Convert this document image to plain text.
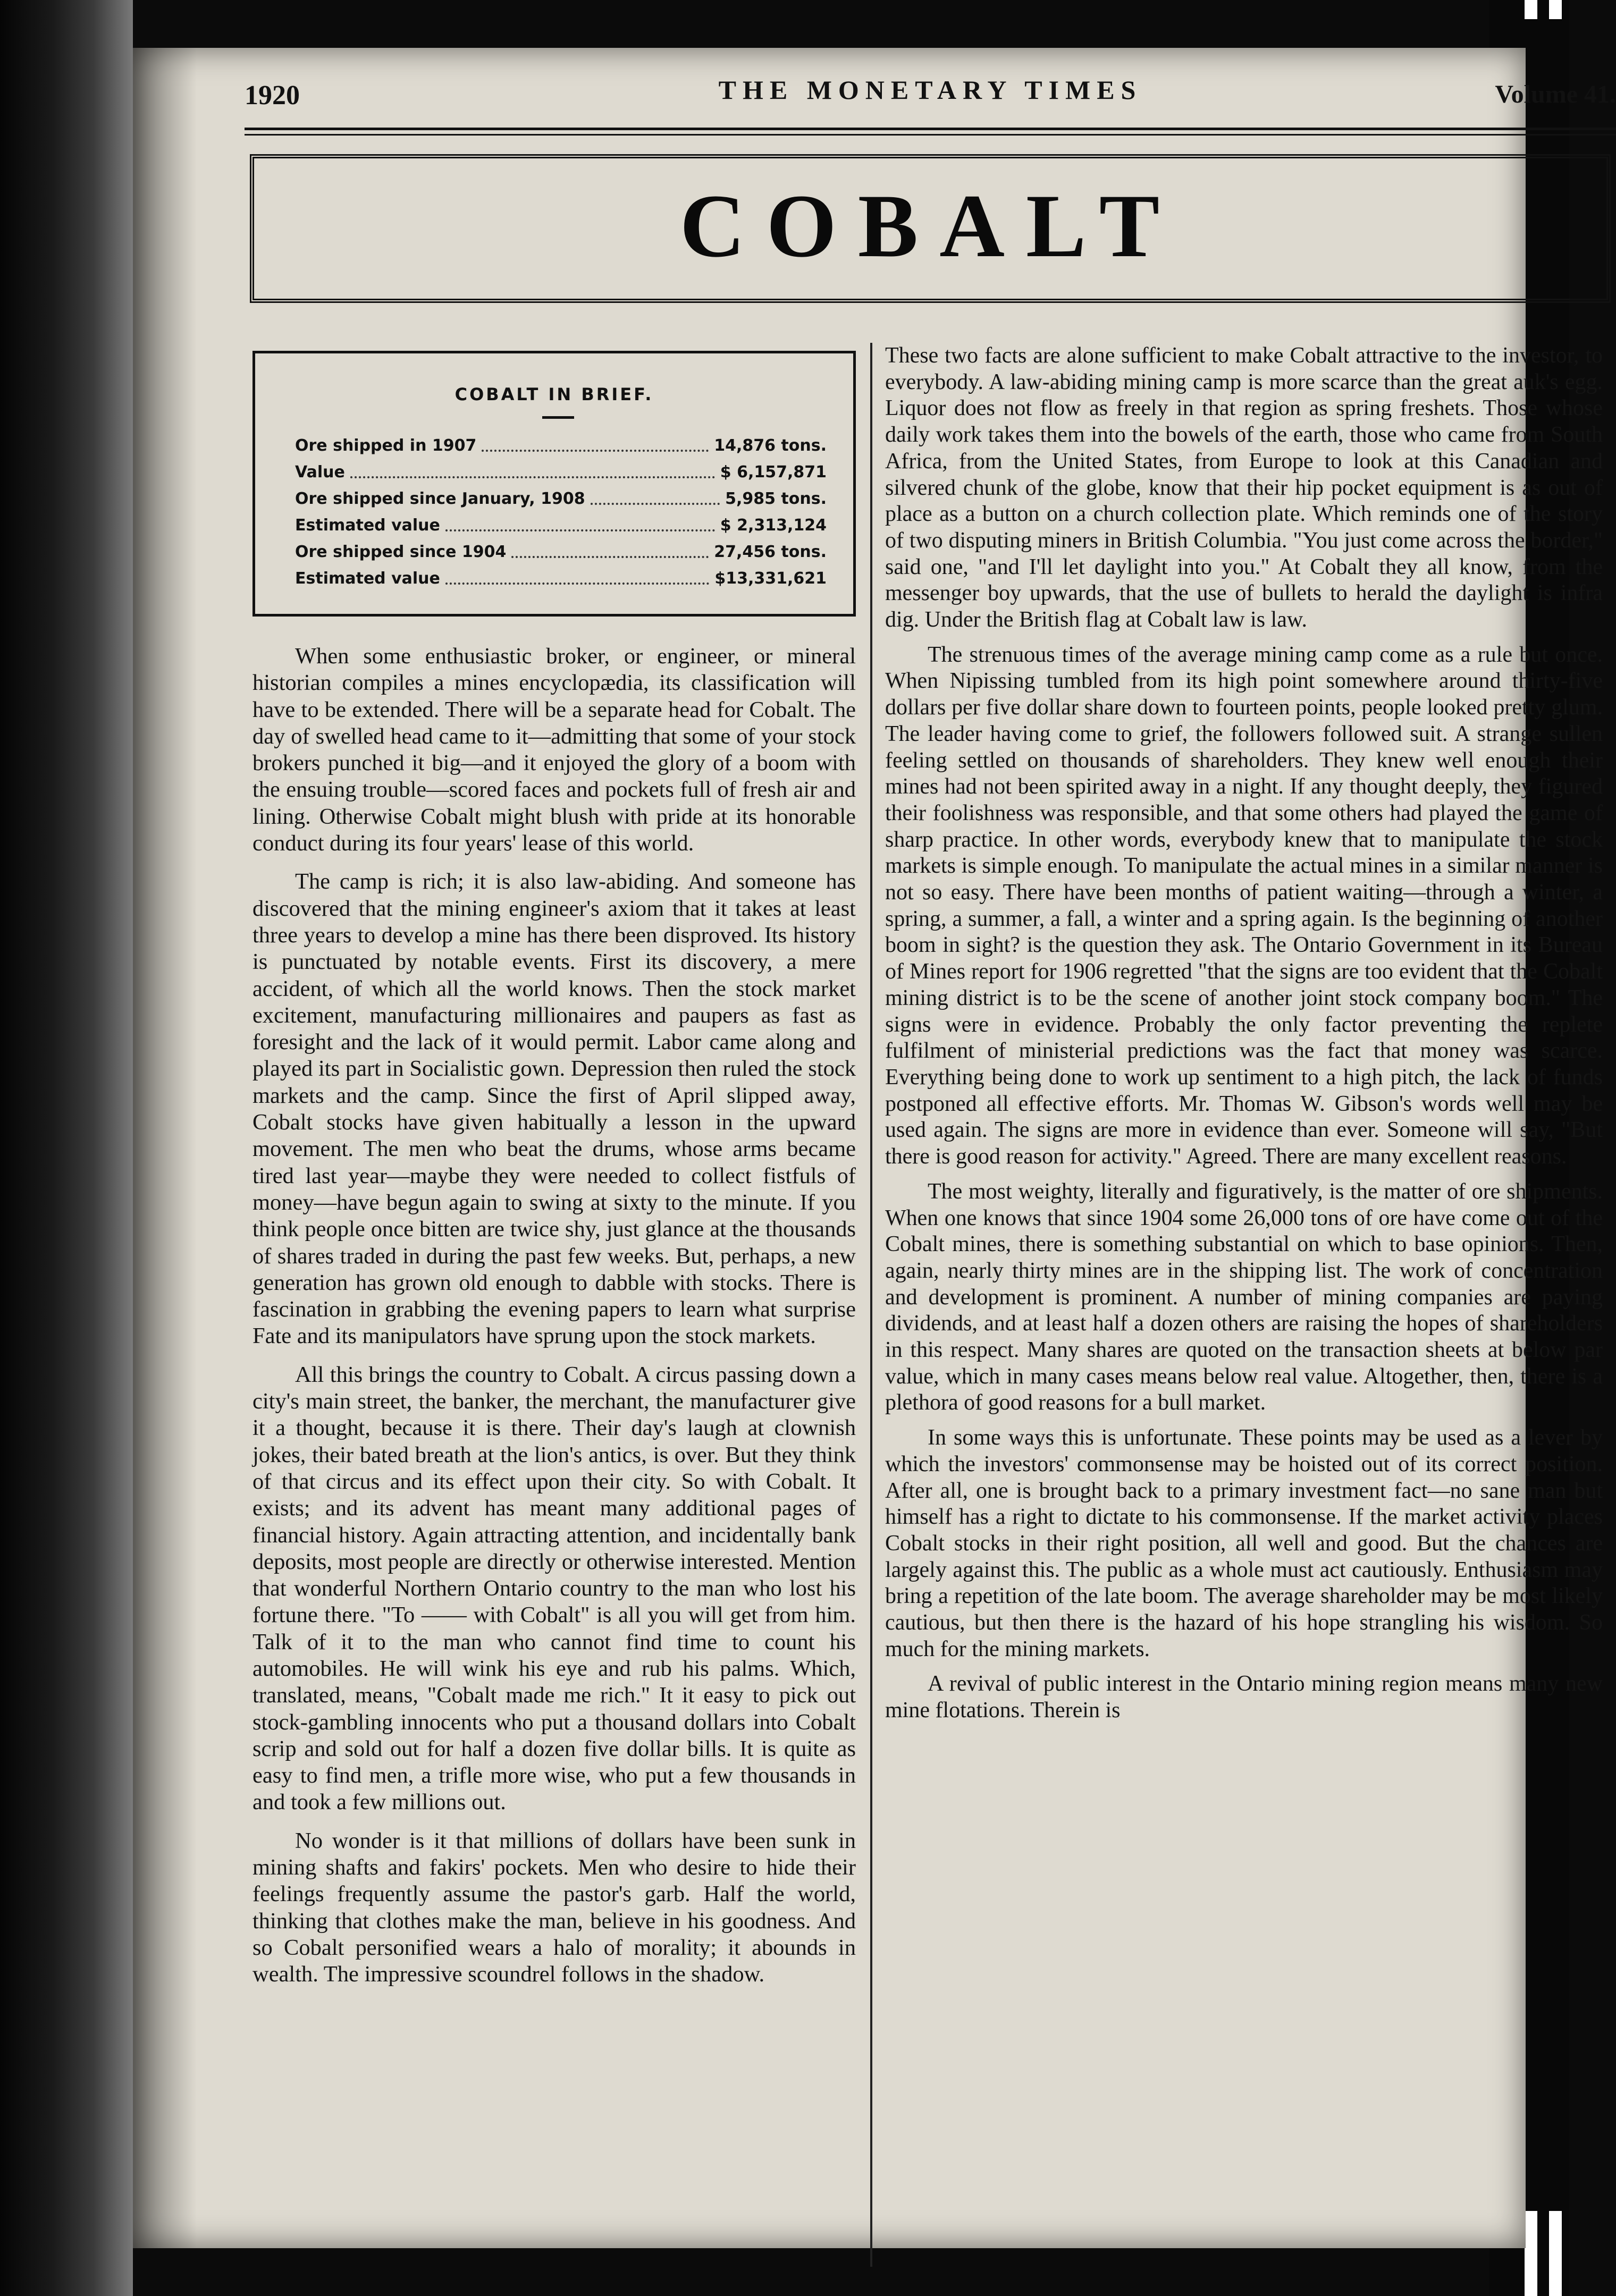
1920	THE MONETARY TIMES	Volume 41.
COBALT
COBALT IN BRIEF.
Ore shipped in 1907	14,876 tons.
Value	$ 6,157,871
Ore shipped since January, 1908	5,985 tons.
Estimated value	$ 2,313,124
Ore shipped since 1904	27,456 tons.
Estimated value	$13,331,621

When some enthusiastic broker, or engineer, or mineral historian compiles a mines encyclopædia, its classification will have to be extended. There will be a separate head for Cobalt. The day of swelled head came to it—admitting that some of your stock brokers punched it big—and it enjoyed the glory of a boom with the ensuing trouble—scored faces and pockets full of fresh air and lining. Otherwise Cobalt might blush with pride at its honorable conduct during its four years' lease of this world.

The camp is rich; it is also law-abiding. And someone has discovered that the mining engineer's axiom that it takes at least three years to develop a mine has there been disproved. Its history is punctuated by notable events. First its discovery, a mere accident, of which all the world knows. Then the stock market excitement, manufacturing millionaires and paupers as fast as foresight and the lack of it would permit. Labor came along and played its part in Socialistic gown. Depression then ruled the stock markets and the camp. Since the first of April slipped away, Cobalt stocks have given habitually a lesson in the upward movement. The men who beat the drums, whose arms became tired last year—maybe they were needed to collect fistfuls of money—have begun again to swing at sixty to the minute. If you think people once bitten are twice shy, just glance at the thousands of shares traded in during the past few weeks. But, perhaps, a new generation has grown old enough to dabble with stocks. There is fascination in grabbing the evening papers to learn what surprise Fate and its manipulators have sprung upon the stock markets.

All this brings the country to Cobalt. A circus passing down a city's main street, the banker, the merchant, the manufacturer give it a thought, because it is there. Their day's laugh at clownish jokes, their bated breath at the lion's antics, is over. But they think of that circus and its effect upon their city. So with Cobalt. It exists; and its advent has meant many additional pages of financial history. Again attracting attention, and incidentally bank deposits, most people are directly or otherwise interested. Mention that wonderful Northern Ontario country to the man who lost his fortune there. "To —— with Cobalt" is all you will get from him. Talk of it to the man who cannot find time to count his automobiles. He will wink his eye and rub his palms. Which, translated, means, "Cobalt made me rich." It it easy to pick out stock-gambling innocents who put a thousand dollars into Cobalt scrip and sold out for half a dozen five dollar bills. It is quite as easy to find men, a trifle more wise, who put a few thousands in and took a few millions out.

No wonder is it that millions of dollars have been sunk in mining shafts and fakirs' pockets. Men who desire to hide their feelings frequently assume the pastor's garb. Half the world, thinking that clothes make the man, believe in his goodness. And so Cobalt personified wears a halo of morality; it abounds in wealth. The impressive scoundrel follows in the shadow.

These two facts are alone sufficient to make Cobalt attractive to the investor, to everybody. A law-abiding mining camp is more scarce than the great auk's egg. Liquor does not flow as freely in that region as spring freshets. Those whose daily work takes them into the bowels of the earth, those who came from South Africa, from the United States, from Europe to look at this Canadian and silvered chunk of the globe, know that their hip pocket equipment is as out of place as a button on a church collection plate. Which reminds one of the story of two disputing miners in British Columbia. "You just come across the border," said one, "and I'll let daylight into you." At Cobalt they all know, from the messenger boy upwards, that the use of bullets to herald the daylight is infra dig. Under the British flag at Cobalt law is law.

The strenuous times of the average mining camp come as a rule but once. When Nipissing tumbled from its high point somewhere around thirty-five dollars per five dollar share down to fourteen points, people looked pretty glum. The leader having come to grief, the followers followed suit. A strange sullen feeling settled on thousands of shareholders. They knew well enough their mines had not been spirited away in a night. If any thought deeply, they figured their foolishness was responsible, and that some others had played the game of sharp practice. In other words, everybody knew that to manipulate the stock markets is simple enough. To manipulate the actual mines in a similar manner is not so easy. There have been months of patient waiting—through a winter, a spring, a summer, a fall, a winter and a spring again. Is the beginning of another boom in sight? is the question they ask. The Ontario Government in its Bureau of Mines report for 1906 regretted "that the signs are too evident that the Cobalt mining district is to be the scene of another joint stock company boom." The signs were in evidence. Probably the only factor preventing the replete fulfilment of ministerial predictions was the fact that money was scarce. Everything being done to work up sentiment to a high pitch, the lack of funds postponed all effective efforts. Mr. Thomas W. Gibson's words well may be used again. The signs are more in evidence than ever. Someone will say, "But there is good reason for activity." Agreed. There are many excellent reasons.

The most weighty, literally and figuratively, is the matter of ore shipments. When one knows that since 1904 some 26,000 tons of ore have come out of the Cobalt mines, there is something substantial on which to base opinions. Then, again, nearly thirty mines are in the shipping list. The work of concentration and development is prominent. A number of mining companies are paying dividends, and at least half a dozen others are raising the hopes of shareholders in this respect. Many shares are quoted on the transaction sheets at below par value, which in many cases means below real value. Altogether, then, there is a plethora of good reasons for a bull market.

In some ways this is unfortunate. These points may be used as a lever by which the investors' commonsense may be hoisted out of its correct position. After all, one is brought back to a primary investment fact—no sane man but himself has a right to dictate to his commonsense. If the market activity places Cobalt stocks in their right position, all well and good. But the chances are largely against this. The public as a whole must act cautiously. Enthusiasm may bring a repetition of the late boom. The average shareholder may be most likely cautious, but then there is the hazard of his hope strangling his wisdom. So much for the mining markets.

A revival of public interest in the Ontario mining region means many new mine flotations. Therein is
